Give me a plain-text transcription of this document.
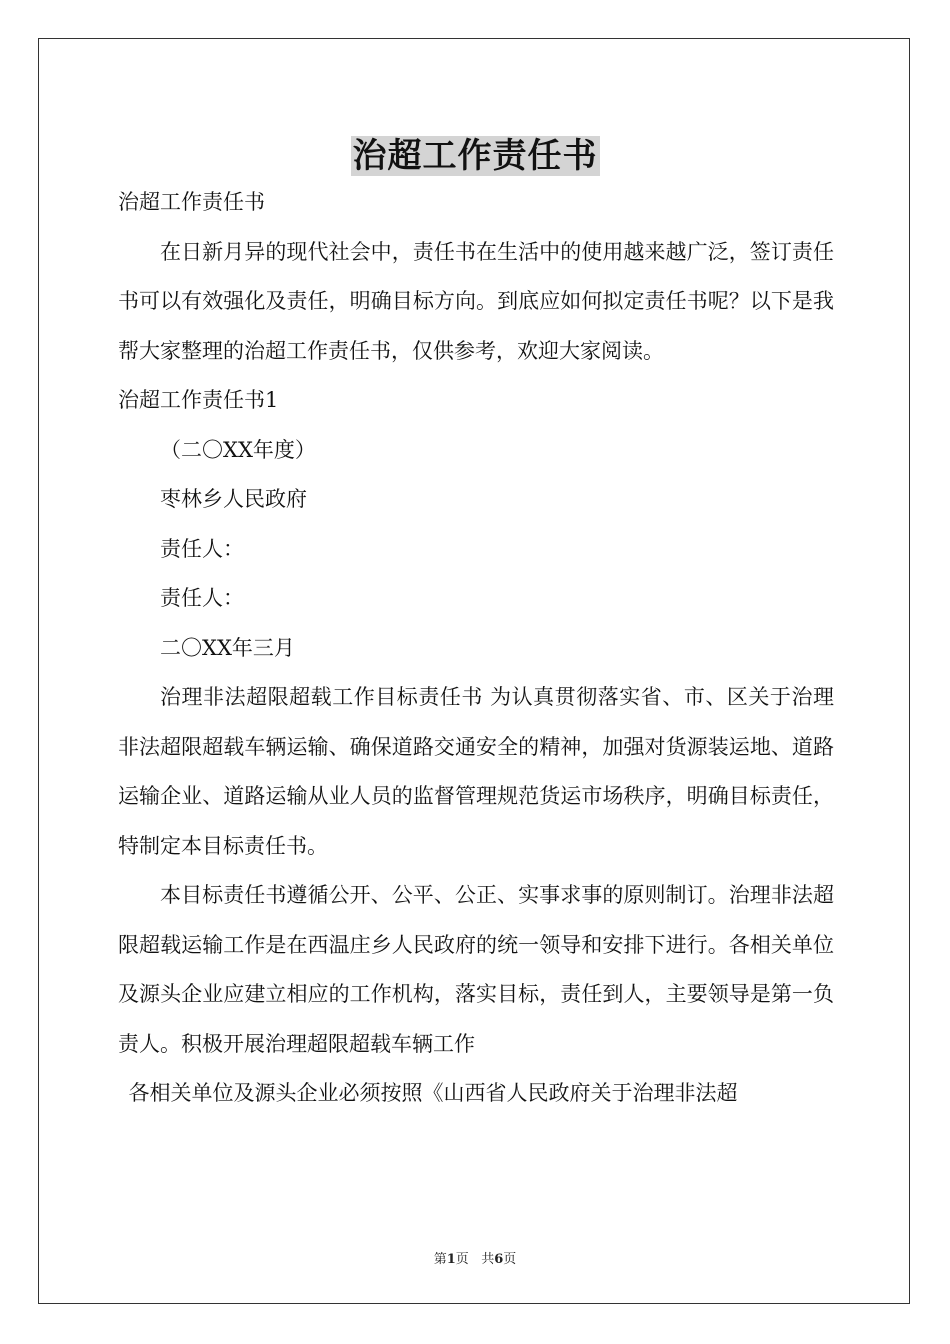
治超工作责任书

治超工作责任书

在日新月异的现代社会中，责任书在生活中的使用越来越广泛，签订责任书可以有效强化及责任，明确目标方向。到底应如何拟定责任书呢？以下是我帮大家整理的治超工作责任书，仅供参考，欢迎大家阅读。

治超工作责任书1

（二〇XX年度）

枣林乡人民政府

责任人：

责任人：

二〇XX年三月

治理非法超限超载工作目标责任书 为认真贯彻落实省、市、区关于治理非法超限超载车辆运输、确保道路交通安全的精神，加强对货源装运地、道路运输企业、道路运输从业人员的监督管理规范货运市场秩序，明确目标责任，特制定本目标责任书。

本目标责任书遵循公开、公平、公正、实事求事的原则制订。治理非法超限超载运输工作是在西温庄乡人民政府的统一领导和安排下进行。各相关单位及源头企业应建立相应的工作机构，落实目标，责任到人，主要领导是第一负责人。积极开展治理超限超载车辆工作

各相关单位及源头企业必须按照《山西省人民政府关于治理非法超

第1页 共6页
